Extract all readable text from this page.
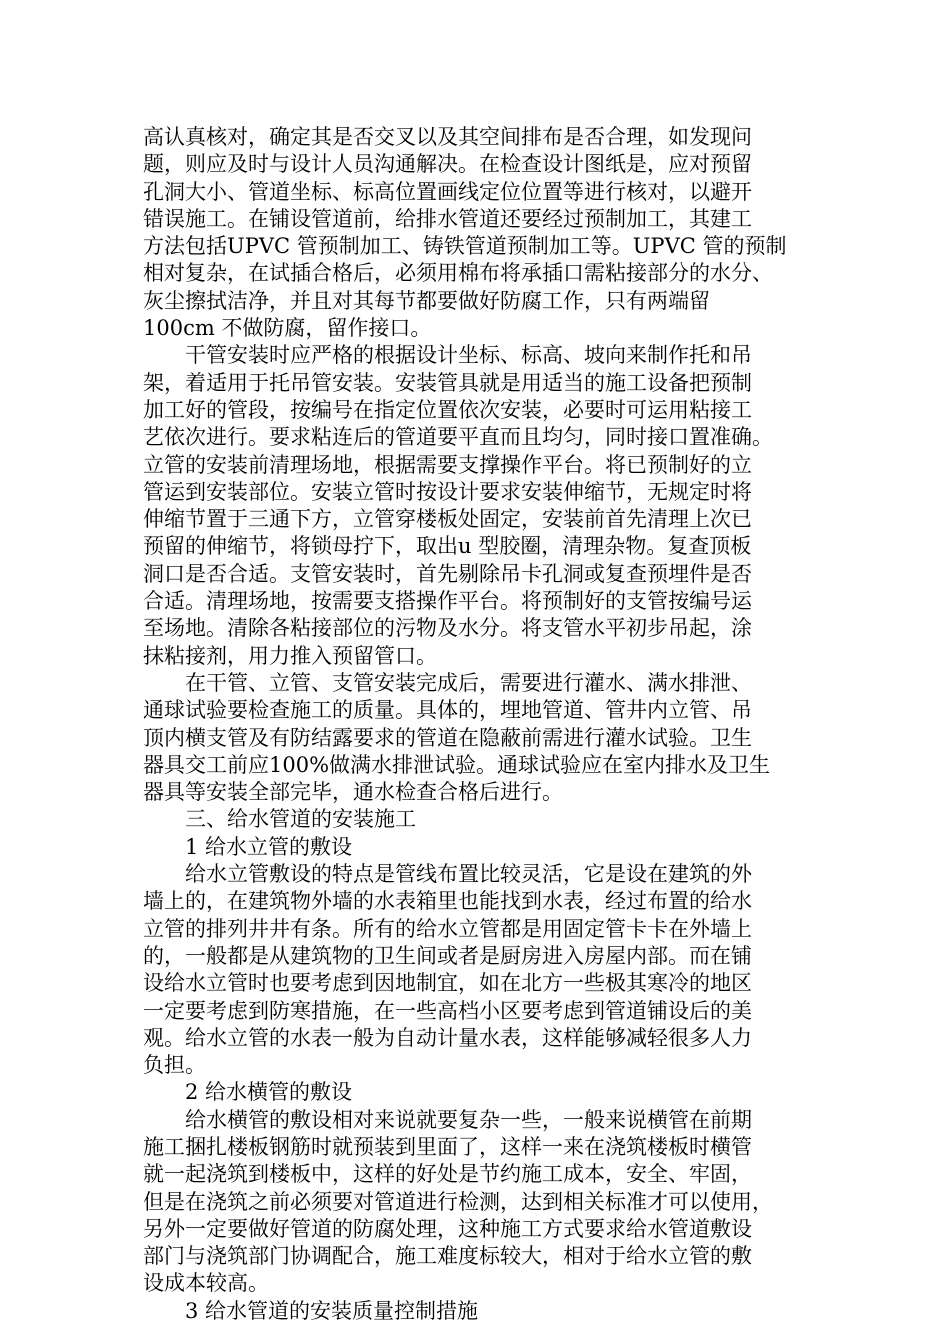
高认真核对，确定其是否交叉以及其空间排布是否合理，如发现问
题，则应及时与设计人员沟通解决。在检查设计图纸是，应对预留
孔洞大小、管道坐标、标高位置画线定位位置等进行核对，以避开
错误施工。在铺设管道前，给排水管道还要经过预制加工，其建工
方法包括UPVC 管预制加工、铸铁管道预制加工等。UPVC 管的预制
相对复杂，在试插合格后，必须用棉布将承插口需粘接部分的水分、
灰尘擦拭洁净，并且对其每节都要做好防腐工作，只有两端留
100cm 不做防腐，留作接口。
干管安装时应严格的根据设计坐标、标高、坡向来制作托和吊
架，着适用于托吊管安装。安装管具就是用适当的施工设备把预制
加工好的管段，按编号在指定位置依次安装，必要时可运用粘接工
艺依次进行。要求粘连后的管道要平直而且均匀，同时接口置准确。
立管的安装前清理场地，根据需要支撑操作平台。将已预制好的立
管运到安装部位。安装立管时按设计要求安装伸缩节，无规定时将
伸缩节置于三通下方，立管穿楼板处固定，安装前首先清理上次已
预留的伸缩节，将锁母拧下，取出u 型胶圈，清理杂物。复查顶板
洞口是否合适。支管安装时，首先剔除吊卡孔洞或复查预埋件是否
合适。清理场地，按需要支搭操作平台。将预制好的支管按编号运
至场地。清除各粘接部位的污物及水分。将支管水平初步吊起，涂
抹粘接剂，用力推入预留管口。
在干管、立管、支管安装完成后，需要进行灌水、满水排泄、
通球试验要检查施工的质量。具体的，埋地管道、管井内立管、吊
顶内横支管及有防结露要求的管道在隐蔽前需进行灌水试验。卫生
器具交工前应100%做满水排泄试验。通球试验应在室内排水及卫生
器具等安装全部完毕，通水检查合格后进行。
三、给水管道的安装施工
1 给水立管的敷设
给水立管敷设的特点是管线布置比较灵活，它是设在建筑的外
墙上的，在建筑物外墙的水表箱里也能找到水表，经过布置的给水
立管的排列井井有条。所有的给水立管都是用固定管卡卡在外墙上
的，一般都是从建筑物的卫生间或者是厨房进入房屋内部。而在铺
设给水立管时也要考虑到因地制宜，如在北方一些极其寒冷的地区
一定要考虑到防寒措施，在一些高档小区要考虑到管道铺设后的美
观。给水立管的水表一般为自动计量水表，这样能够减轻很多人力
负担。
2 给水横管的敷设
给水横管的敷设相对来说就要复杂一些，一般来说横管在前期
施工捆扎楼板钢筋时就预装到里面了，这样一来在浇筑楼板时横管
就一起浇筑到楼板中，这样的好处是节约施工成本，安全、牢固，
但是在浇筑之前必须要对管道进行检测，达到相关标准才可以使用，
另外一定要做好管道的防腐处理，这种施工方式要求给水管道敷设
部门与浇筑部门协调配合，施工难度标较大，相对于给水立管的敷
设成本较高。
3 给水管道的安装质量控制措施
